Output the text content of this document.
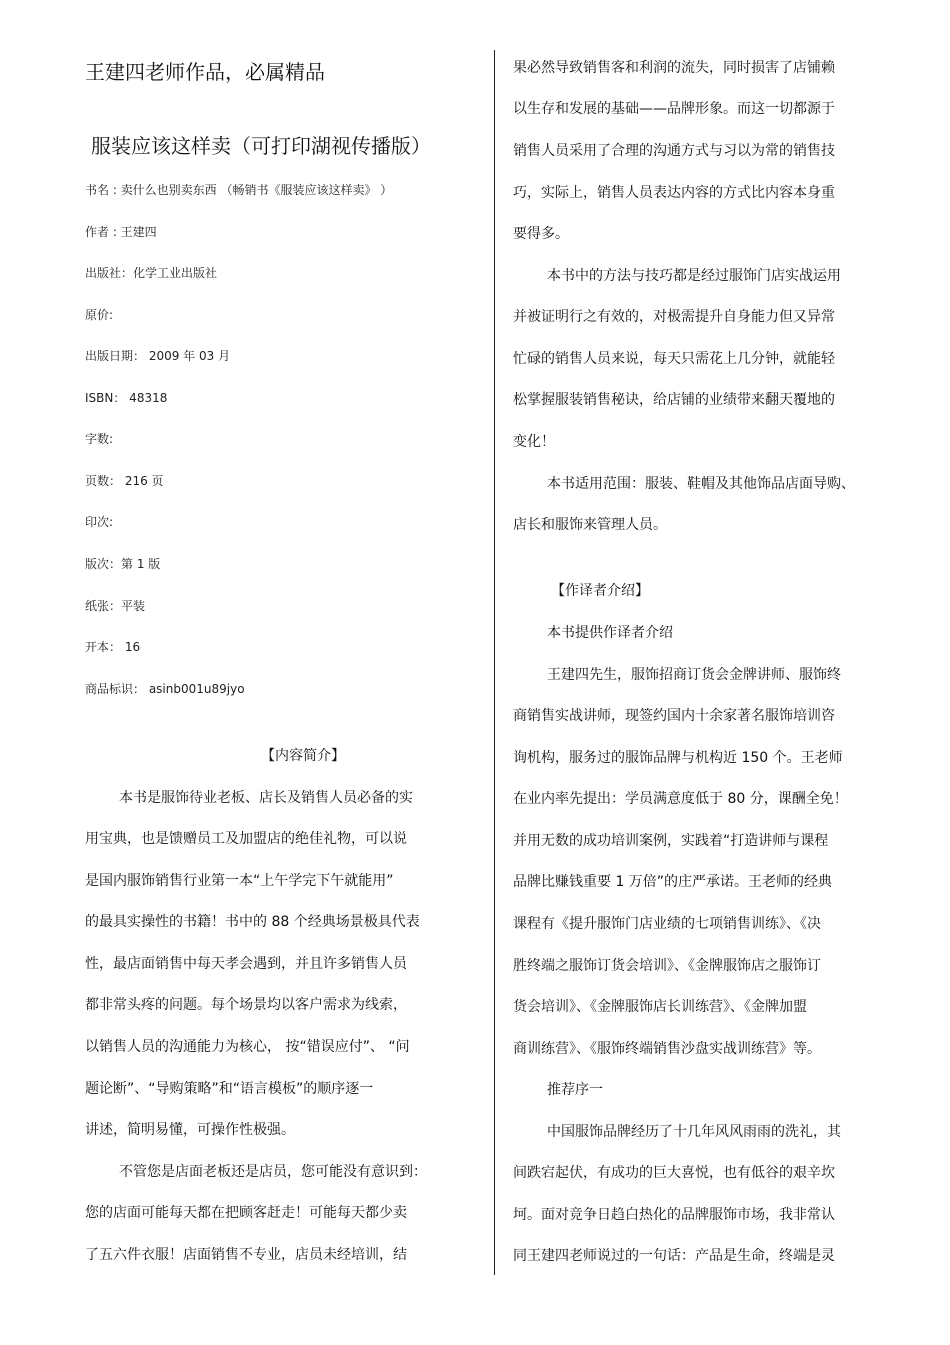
王建四老师作品，必属精品
服装应该这样卖（可打印湖视传播版）
书名 : 卖什么也别卖东西 （畅销书《服装应该这样卖》 ）
作者 : 王建四
出版社：化学工业出版社
原价:
出版日期： 2009 年 03 月
ISBN： 48318
字数:
页数： 216 页
印次:
版次：第 1 版
纸张：平装
开本： 16
商品标识： asinb001u89jyo
【内容简介】
本书是服饰待业老板、店长及销售人员必备的实
用宝典，也是馈赠员工及加盟店的绝佳礼物，可以说
是国内服饰销售行业第一本“上午学完下午就能用”
的最具实操性的书籍！书中的 88 个经典场景极具代表
性，最店面销售中每天孝会遇到，并且许多销售人员
都非常头疼的问题。每个场景均以客户需求为线索，
以销售人员的沟通能力为核心， 按“错误应付”、 “问
题论断”、“导购策略”和“语言模板”的顺序逐一
讲述，简明易懂，可操作性极强。
不管您是店面老板还是店员，您可能没有意识到：
您的店面可能每天都在把顾客赶走！可能每天都少卖
了五六件衣服！店面销售不专业，店员未经培训，结
果必然导致销售客和利润的流失，同时损害了店铺赖
以生存和发展的基础——品牌形象。而这一切都源于
销售人员采用了合理的沟通方式与习以为常的销售技
巧，实际上，销售人员表达内容的方式比内容本身重
要得多。
本书中的方法与技巧都是经过服饰门店实战运用
并被证明行之有效的，对极需提升自身能力但又异常
忙碌的销售人员来说，每天只需花上几分钟，就能轻
松掌握服装销售秘诀，给店铺的业绩带来翻天覆地的
变化！
本书适用范围：服装、鞋帽及其他饰品店面导购、
店长和服饰来管理人员。
【作译者介绍】
本书提供作译者介绍
王建四先生，服饰招商订货会金牌讲师、服饰终
商销售实战讲师，现签约国内十余家著名服饰培训咨
询机构，服务过的服饰品牌与机构近 150 个。王老师
在业内率先提出：学员满意度低于 80 分，课酬全免！
并用无数的成功培训案例，实践着“打造讲师与课程
品牌比赚钱重要 1 万倍”的庄严承诺。王老师的经典
课程有《提升服饰门店业绩的七项销售训练》、《决
胜终端之服饰订货会培训》、《金牌服饰店之服饰订
货会培训》、《金牌服饰店长训练营》、《金牌加盟
商训练营》、《服饰终端销售沙盘实战训练营》等。
推荐序一
中国服饰品牌经历了十几年风风雨雨的洗礼，其
间跌宕起伏，有成功的巨大喜悦，也有低谷的艰辛坎
坷。面对竞争日趋白热化的品牌服饰市场，我非常认
同王建四老师说过的一句话：产品是生命，终端是灵
